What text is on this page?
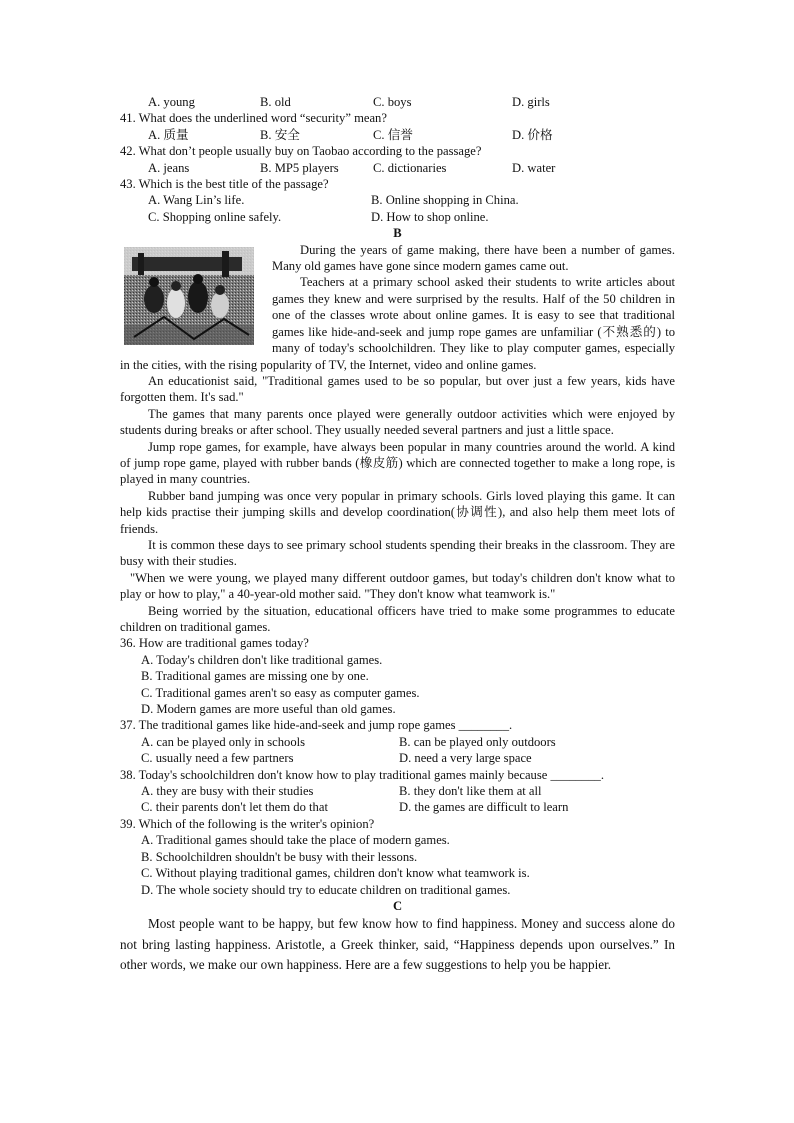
A. young	B. old	C. boys	D. girls
41. What does the underlined word “security” mean?
A. 质量	B. 安全	C. 信誉	D. 价格
42. What don’t people usually buy on Taobao according to the passage?
A. jeans	B. MP5 players	C. dictionaries	D. water
43. Which is the best title of the passage?
A. Wang Lin’s life.	B. Online shopping in China.
C. Shopping online safely.	D. How to shop online.
B

During the years of game making, there have been a number of games. Many old games have gone since modern games came out.

Teachers at a primary school asked their students to write articles about games they knew and were surprised by the results. Half of the 50 children in one of the classes wrote about online games. It is easy to see that traditional games like hide-and-seek and jump rope games are unfamiliar (不熟悉的) to many of today's schoolchildren. They like to play computer games, especially in the cities, with the rising popularity of TV, the Internet, video and online games.

An educationist said, "Traditional games used to be so popular, but over just a few years, kids have forgotten them. It's sad."

The games that many parents once played were generally outdoor activities which were enjoyed by students during breaks or after school. They usually needed several partners and just a little space.

Jump rope games, for example, have always been popular in many countries around the world. A kind of jump rope game, played with rubber bands (橡皮筋) which are connected together to make a long rope, is played in many countries.

Rubber band jumping was once very popular in primary schools. Girls loved playing this game. It can help kids practise their jumping skills and develop coordination(协调性), and also help them meet lots of friends.

It is common these days to see primary school students spending their breaks in the classroom. They are busy with their studies.

"When we were young, we played many different outdoor games, but today's children don't know what to play or how to play," a 40-year-old mother said. "They don't know what teamwork is."

Being worried by the situation, educational officers have tried to make some programmes to educate children on traditional games.

36. How are traditional games today?
A. Today's children don't like traditional games.
B. Traditional games are missing one by one.
C. Traditional games aren't so easy as computer games.
D. Modern games are more useful than old games.
37. The traditional games like hide-and-seek and jump rope games ________.
A. can be played only in schools	B. can be played only outdoors
C. usually need a few partners	D. need a very large space
38. Today's schoolchildren don't know how to play traditional games mainly because ________.
A. they are busy with their studies	B. they don't like them at all
C. their parents don't let them do that	D. the games are difficult to learn
39. Which of the following is the writer's opinion?
A. Traditional games should take the place of modern games.
B. Schoolchildren shouldn't be busy with their lessons.
C. Without playing traditional games, children don't know what teamwork is.
D. The whole society should try to educate children on traditional games.
C

Most people want to be happy, but few know how to find happiness. Money and success alone do not bring lasting happiness. Aristotle, a Greek thinker, said, “Happiness depends upon ourselves.” In other words, we make our own happiness. Here are a few suggestions to help you be happier.
